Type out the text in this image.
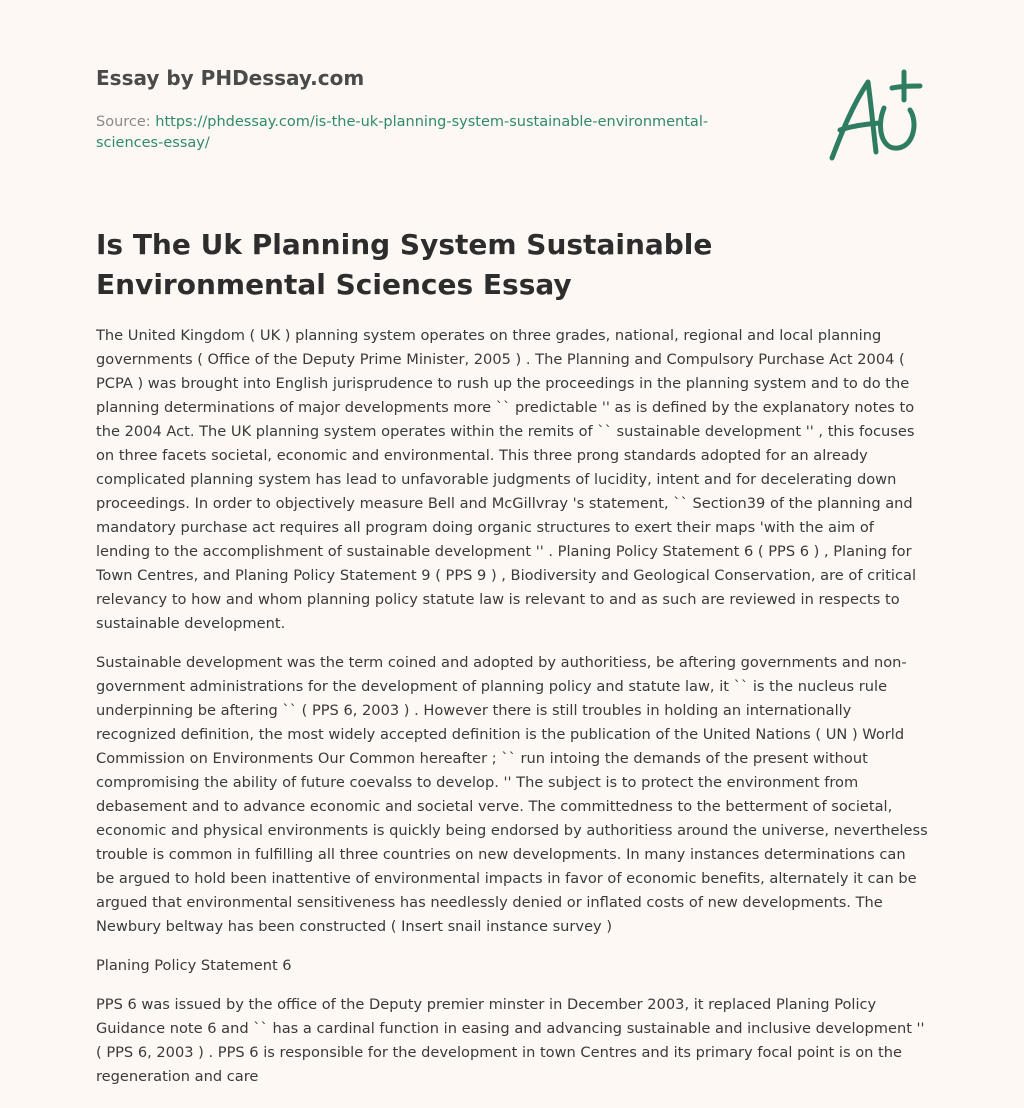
Essay by PHDessay.com
Source: https://phdessay.com/is-the-uk-planning-system-sustainable-environmental-sciences-essay/
Is The Uk Planning System Sustainable Environmental Sciences Essay

The United Kingdom ( UK ) planning system operates on three grades, national, regional and local planning governments ( Office of the Deputy Prime Minister, 2005 ) . The Planning and Compulsory Purchase Act 2004 ( PCPA ) was brought into English jurisprudence to rush up the proceedings in the planning system and to do the planning determinations of major developments more `` predictable '' as is defined by the explanatory notes to the 2004 Act. The UK planning system operates within the remits of `` sustainable development '' , this focuses on three facets societal, economic and environmental. This three prong standards adopted for an already complicated planning system has lead to unfavorable judgments of lucidity, intent and for decelerating down proceedings. In order to objectively measure Bell and McGillvray 's statement, `` Section39 of the planning and mandatory purchase act requires all program doing organic structures to exert their maps 'with the aim of lending to the accomplishment of sustainable development '' . Planing Policy Statement 6 ( PPS 6 ) , Planing for Town Centres, and Planing Policy Statement 9 ( PPS 9 ) , Biodiversity and Geological Conservation, are of critical relevancy to how and whom planning policy statute law is relevant to and as such are reviewed in respects to sustainable development.

Sustainable development was the term coined and adopted by authoritiess, be aftering governments and non-government administrations for the development of planning policy and statute law, it `` is the nucleus rule underpinning be aftering `` ( PPS 6, 2003 ) . However there is still troubles in holding an internationally recognized definition, the most widely accepted definition is the publication of the United Nations ( UN ) World Commission on Environments Our Common hereafter ; `` run intoing the demands of the present without compromising the ability of future coevalss to develop. '' The subject is to protect the environment from debasement and to advance economic and societal verve. The committedness to the betterment of societal, economic and physical environments is quickly being endorsed by authoritiess around the universe, nevertheless trouble is common in fulfilling all three countries on new developments. In many instances determinations can be argued to hold been inattentive of environmental impacts in favor of economic benefits, alternately it can be argued that environmental sensitiveness has needlessly denied or inflated costs of new developments. The Newbury beltway has been constructed ( Insert snail instance survey )

Planing Policy Statement 6

PPS 6 was issued by the office of the Deputy premier minster in December 2003, it replaced Planing Policy Guidance note 6 and `` has a cardinal function in easing and advancing sustainable and inclusive development '' ( PPS 6, 2003 ) . PPS 6 is responsible for the development in town Centres and its primary focal point is on the regeneration and care
